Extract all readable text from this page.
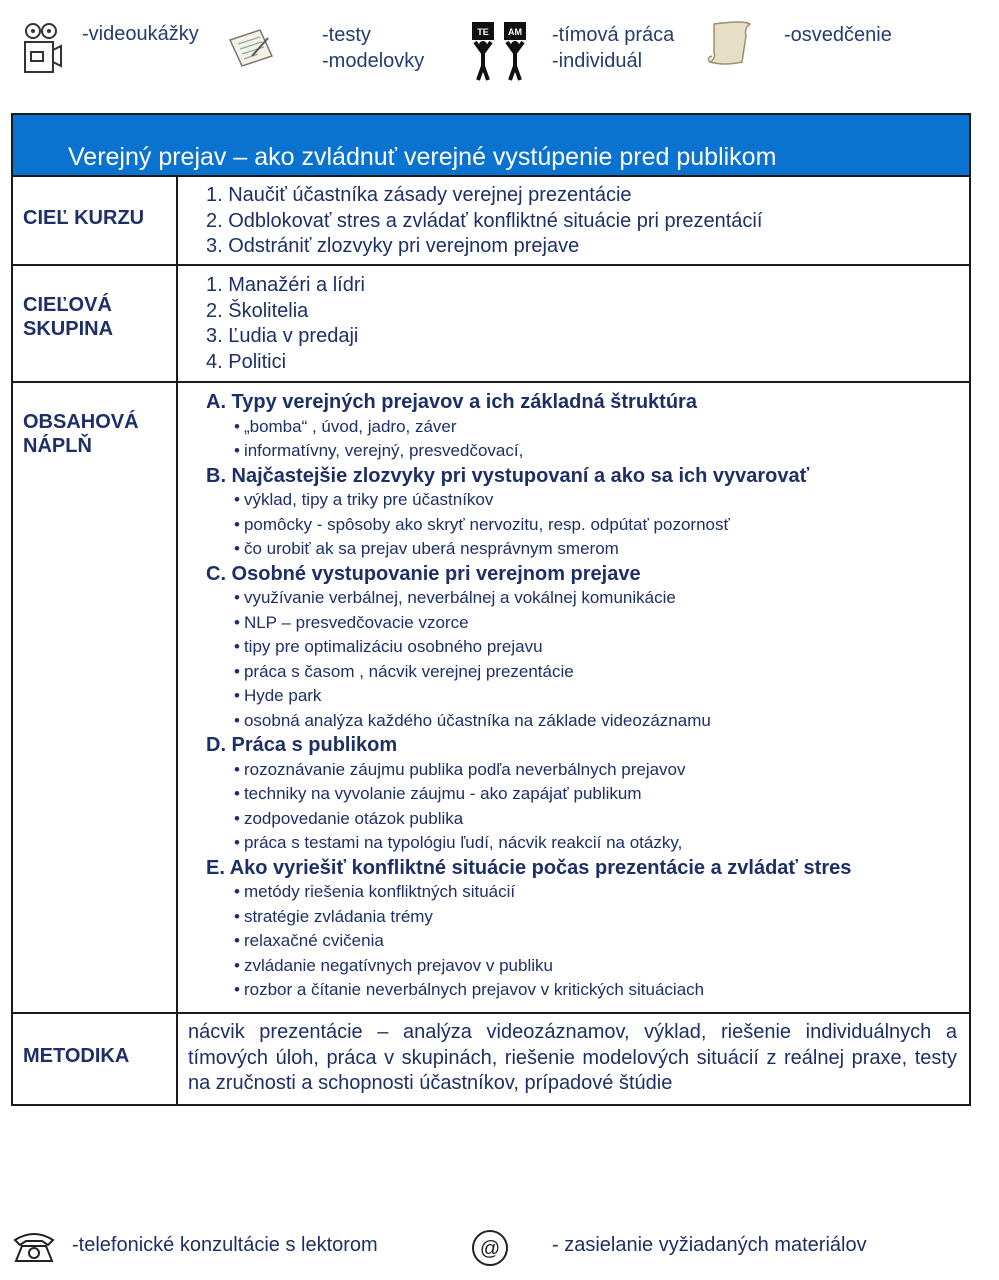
-videoukážky	-testy
-modelovky
TE AM -tímová práca
-individuál
-osvedčenie
Verejný prejav – ako zvládnuť verejné vystúpenie pred publikom
CIEĽ KURZU
1. Naučiť účastníka zásady verejnej prezentácie
2. Odblokovať stres a zvládať konfliktné situácie pri prezentácií
3. Odstrániť zlozvyky pri verejnom prejave
CIEĽOVÁ SKUPINA
1. Manažéri a lídri
2. Školitelia
3. Ľudia v predaji
4. Politici
OBSAHOVÁ NÁPLŇ
A. Typy verejných prejavov a ich základná štruktúra
• „bomba“ , úvod, jadro, záver
• informatívny, verejný, presvedčovací,
B. Najčastejšie zlozvyky pri vystupovaní a ako sa ich vyvarovať
• výklad, tipy a triky pre účastníkov
• pomôcky - spôsoby ako skryť nervozitu, resp. odpútať pozornosť
• čo urobiť ak sa prejav uberá nesprávnym smerom
C. Osobné vystupovanie pri verejnom prejave
• využívanie verbálnej, neverbálnej a vokálnej komunikácie
• NLP – presvedčovacie vzorce
• tipy pre optimalizáciu osobného prejavu
• práca s časom , nácvik verejnej prezentácie
• Hyde park
• osobná analýza každého účastníka na základe videozáznamu
D. Práca s publikom
• rozoznávanie záujmu publika podľa neverbálnych prejavov
• techniky na vyvolanie záujmu - ako zapájať publikum
• zodpovedanie otázok publika
• práca s testami na typológiu ľudí, nácvik reakcií na otázky,
E. Ako vyriešiť konfliktné situácie počas prezentácie a zvládať stres
• metódy riešenia konfliktných situácií
• stratégie zvládania trémy
• relaxačné cvičenia
• zvládanie negatívnych prejavov v publiku
• rozbor a čítanie neverbálnych prejavov v kritických situáciach
METODIKA
nácvik prezentácie – analýza videozáznamov, výklad, riešenie individuálnych a tímových úloh, práca v skupinách, riešenie modelových situácií z reálnej praxe, testy na zručnosti a schopnosti účastníkov, prípadové štúdie
-telefonické konzultácie s lektorom	@	- zasielanie vyžiadaných materiálov
